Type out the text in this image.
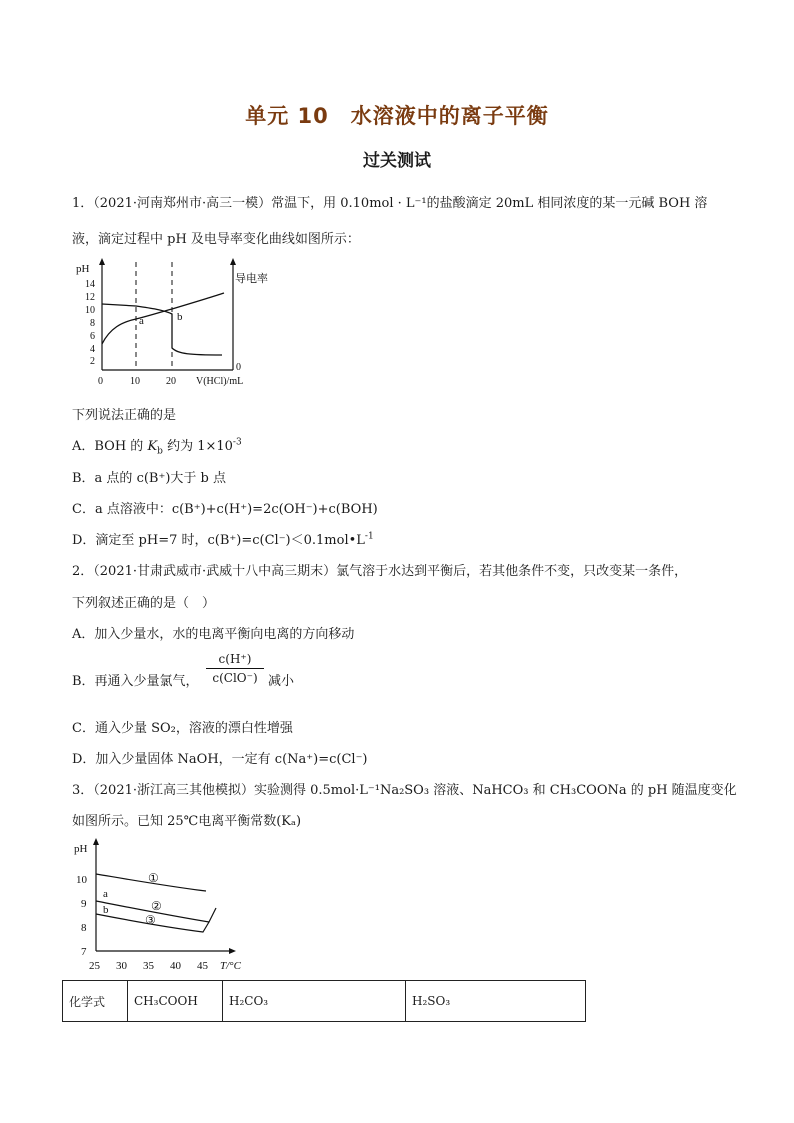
单元 10　水溶液中的离子平衡
过关测试
1．（2021·河南郑州市·高三一模）常温下，用 0.10mol · L⁻¹的盐酸滴定 20mL 相同浓度的某一元碱 BOH 溶
液，滴定过程中 pH 及电导率变化曲线如图所示：
pH
导电率
14
12
10
8
6
4
2
0	10	20 V(HCl)/mL
0
a	b
下列说法正确的是
A．BOH 的 $K_b$ 约为 $1\times 10^{-3}$
B．a 点的 c(B⁺)大于 b 点
C．a 点溶液中：c(B⁺)+c(H⁺)=2c(OH⁻)+c(BOH)
D．滴定至 pH=7 时，$c(B^+)=c(Cl^-)<0.1mol•L^{-1}$
2．（2021·甘肃武威市·武威十八中高三期末）氯气溶于水达到平衡后，若其他条件不变，只改变某一条件，
下列叙述正确的是（　）
A．加入少量水，水的电离平衡向电离的方向移动
B．再通入少量氯气，
c(H⁺)
c(ClO⁻) 减小
C．通入少量 SO₂，溶液的漂白性增强
D．加入少量固体 NaOH，一定有 c(Na⁺)=c(Cl⁻)
3．（2021·浙江高三其他模拟）实验测得 0.5mol·L⁻¹Na₂SO₃ 溶液、NaHCO₃ 和 CH₃COONa 的 pH 随温度变化
如图所示。已知 25℃电离平衡常数(Kₐ)
pH
10
9
8
7
25 30 35 40 45 T/°C
①
②
③
a
b
化学式	CH₃COOH	H₂CO₃	H₂SO₃
